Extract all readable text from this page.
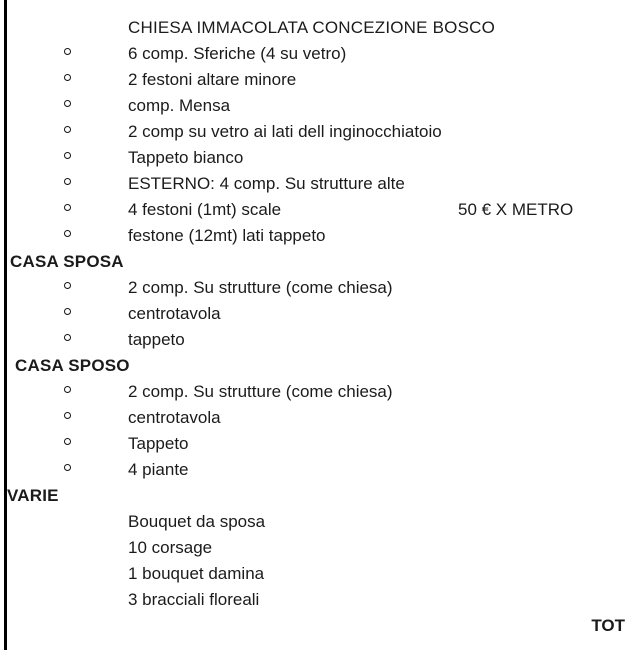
CHIESA IMMACOLATA CONCEZIONE BOSCO
6 comp. Sferiche (4 su vetro)
2 festoni altare minore
comp. Mensa
2 comp su vetro ai lati dell inginocchiatoio
Tappeto bianco
ESTERNO: 4 comp. Su strutture alte
4 festoni (1mt) scale	50 € X METRO
festone (12mt) lati tappeto
CASA SPOSA
2 comp. Su strutture (come chiesa)
centrotavola
tappeto
CASA SPOSO
2 comp. Su strutture (come chiesa)
centrotavola
Tappeto
4 piante
VARIE
Bouquet da sposa
10 corsage
1 bouquet damina
3 bracciali floreali
TOT
